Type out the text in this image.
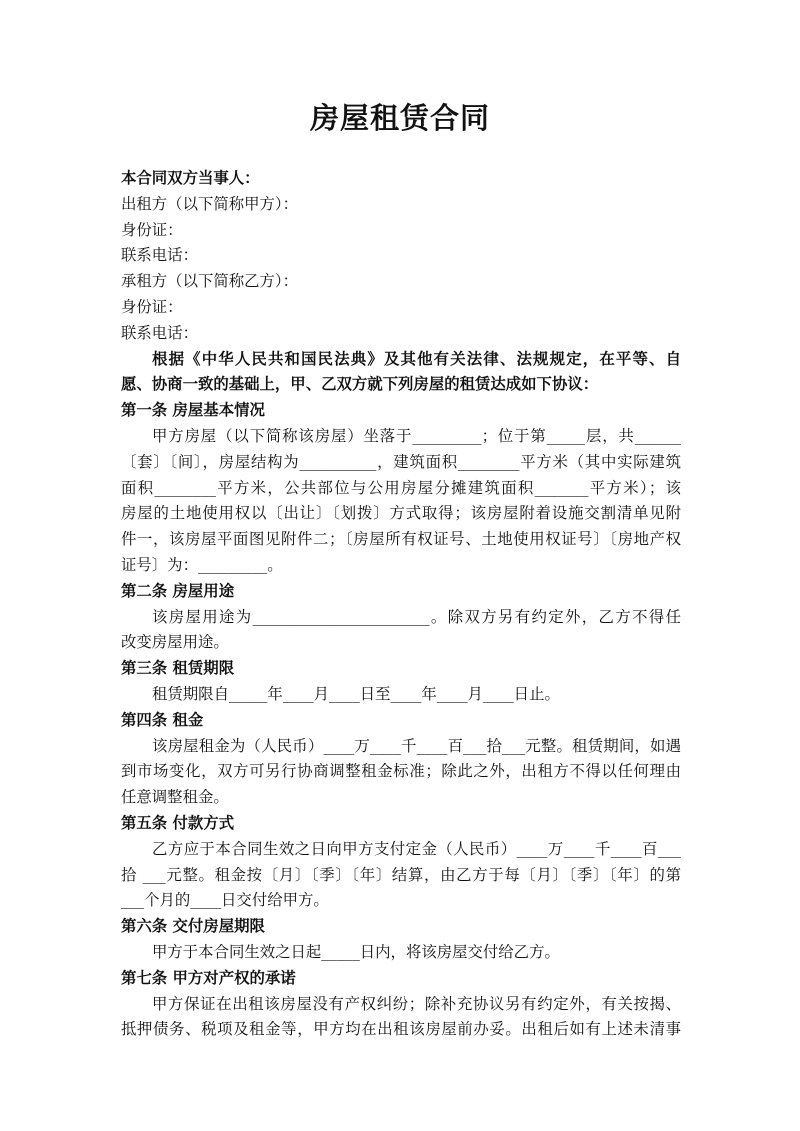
房屋租赁合同
本合同双方当事人：
出租方（以下简称甲方）：
身份证：
联系电话：
承租方（以下简称乙方）：
身份证：
联系电话：
根据《中华人民共和国民法典》及其他有关法律、法规规定，在平等、自
愿、协商一致的基础上，甲、乙双方就下列房屋的租赁达成如下协议：
第一条 房屋基本情况
甲方房屋（以下简称该房屋）坐落于_________；位于第_____层，共______
〔套〕〔间〕，房屋结构为__________，建筑面积________平方米（其中实际建筑
面积________平方米，公共部位与公用房屋分摊建筑面积_______平方米）；该
房屋的土地使用权以〔出让〕〔划拨〕方式取得；该房屋附着设施交割清单见附
件一，该房屋平面图见附件二；〔房屋所有权证号、土地使用权证号〕〔房地产权
证号〕为：_________。
第二条 房屋用途
该房屋用途为_______________________。除双方另有约定外，乙方不得任
改变房屋用途。
第三条 租赁期限
租赁期限自_____年____月____日至____年____月____日止。
第四条 租金
该房屋租金为（人民币）____万____千____百___拾___元整。租赁期间，如遇
到市场变化，双方可另行协商调整租金标准；除此之外，出租方不得以任何理由
任意调整租金。
第五条 付款方式
乙方应于本合同生效之日向甲方支付定金（人民币）____万____千____百___
拾 ___元整。租金按〔月〕〔季〕〔年〕结算，由乙方于每〔月〕〔季〕〔年〕的第
___个月的____日交付给甲方。
第六条 交付房屋期限
甲方于本合同生效之日起_____日内，将该房屋交付给乙方。
第七条 甲方对产权的承诺
甲方保证在出租该房屋没有产权纠纷；除补充协议另有约定外，有关按揭、
抵押债务、税项及租金等，甲方均在出租该房屋前办妥。出租后如有上述未清事
